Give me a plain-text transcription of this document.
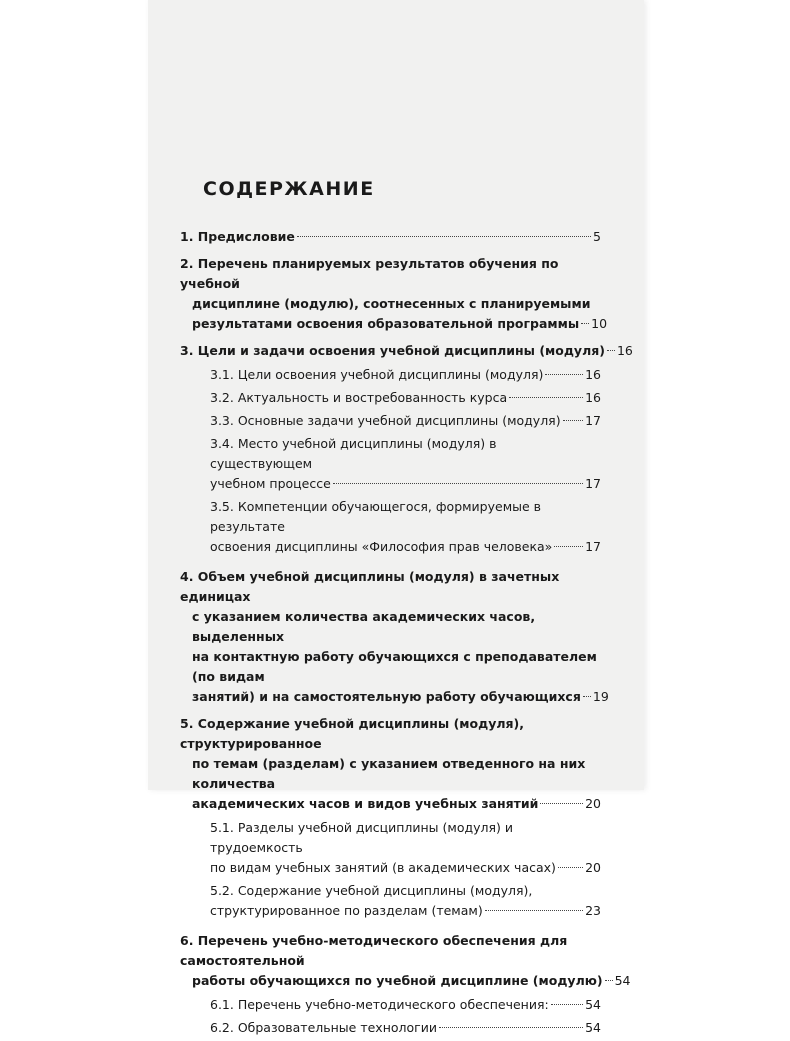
СОДЕРЖАНИЕ
1. Предисловие	5
2. Перечень планируемых результатов обучения по учебной
дисциплине (модулю), соотнесенных с планируемыми
результатами освоения образовательной программы 10
3. Цели и задачи освоения учебной дисциплины (модуля) 16
3.1. Цели освоения учебной дисциплины (модуля)	16
3.2. Актуальность и востребованность курса	16
3.3. Основные задачи учебной дисциплины (модуля) 17
3.4. Место учебной дисциплины (модуля) в существующем
учебном процессе	17
3.5. Компетенции обучающегося, формируемые в результате
освоения дисциплины «Философия прав человека»	17
4. Объем учебной дисциплины (модуля) в зачетных единицах
с указанием количества академических часов, выделенных
на контактную работу обучающихся с преподавателем (по видам
занятий) и на самостоятельную работу обучающихся 19
5. Содержание учебной дисциплины (модуля), структурированное
по темам (разделам) с указанием отведенного на них количества
академических часов и видов учебных занятий	20
5.1. Разделы учебной дисциплины (модуля) и трудоемкость
по видам учебных занятий (в академических часах) 20
5.2. Содержание учебной дисциплины (модуля),
структурированное по разделам (темам)	23
6. Перечень учебно-методического обеспечения для самостоятельной
работы обучающихся по учебной дисциплине (модулю) 54
6.1. Перечень учебно-методического обеспечения:	54
6.2. Образовательные технологии	54
